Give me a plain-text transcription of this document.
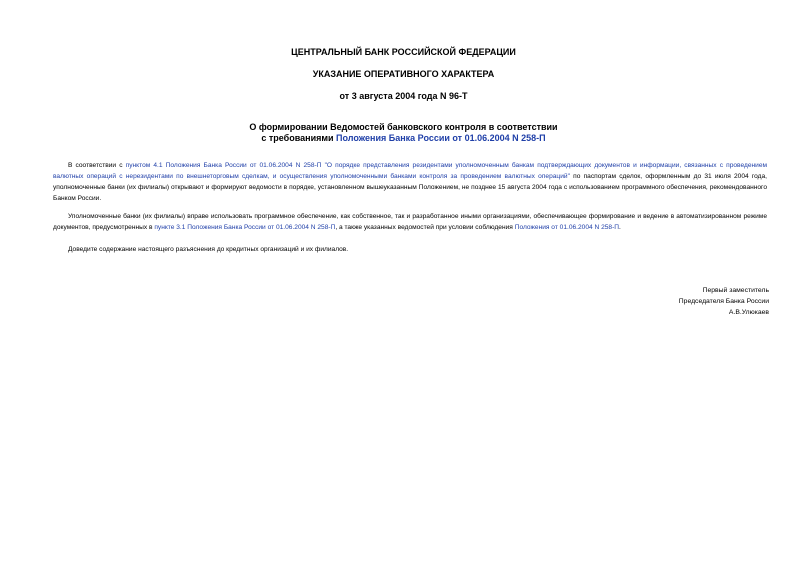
ЦЕНТРАЛЬНЫЙ БАНК РОССИЙСКОЙ ФЕДЕРАЦИИ
УКАЗАНИЕ ОПЕРАТИВНОГО ХАРАКТЕРА
от 3 августа 2004 года N 96-Т
О формировании Ведомостей банковского контроля в соответствии
с требованиями Положения Банка России от 01.06.2004 N 258-П
В соответствии с пунктом 4.1 Положения Банка России от 01.06.2004 N 258-П "О порядке представления резидентами уполномоченным банкам подтверждающих документов и информации, связанных с проведением валютных операций с нерезидентами по внешнеторговым сделкам, и осуществления уполномоченными банками контроля за проведением валютных операций" по паспортам сделок, оформленным до 31 июля 2004 года, уполномоченные банки (их филиалы) открывают и формируют ведомости в порядке, установленном вышеуказанным Положением, не позднее 15 августа 2004 года с использованием программного обеспечения, рекомендованного Банком России.
Уполномоченные банки (их филиалы) вправе использовать программное обеспечение, как собственное, так и разработанное иными организациями, обеспечивающее формирование и ведение в автоматизированном режиме документов, предусмотренных в пункте 3.1 Положения Банка России от 01.06.2004 N 258-П, а также указанных ведомостей при условии соблюдения Положения от 01.06.2004 N 258-П.
Доведите содержание настоящего разъяснения до кредитных организаций и их филиалов.
Первый заместитель
Председателя Банка России
А.В.Улюкаев
